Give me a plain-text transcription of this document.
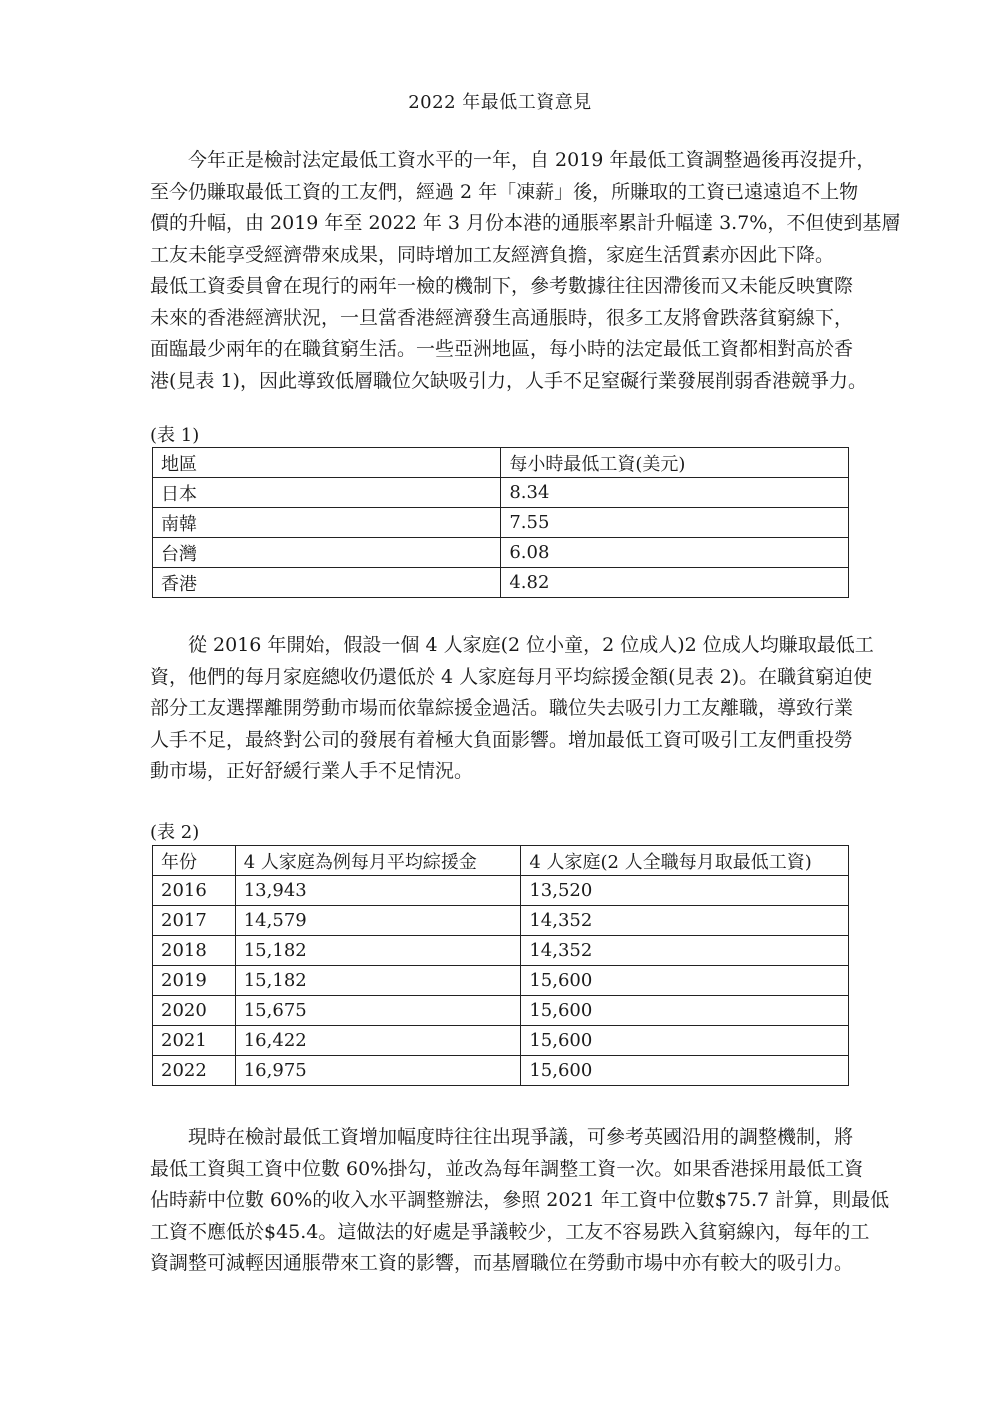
2022 年最低工資意見

　　今年正是檢討法定最低工資水平的一年，自 2019 年最低工資調整過後再沒提升，
至今仍賺取最低工資的工友們，經過 2 年「凍薪」後，所賺取的工資已遠遠追不上物
價的升幅，由 2019 年至 2022 年 3 月份本港的通脹率累計升幅達 3.7%，不但使到基層
工友未能享受經濟帶來成果，同時增加工友經濟負擔，家庭生活質素亦因此下降。
最低工資委員會在現行的兩年一檢的機制下，參考數據往往因滯後而又未能反映實際
未來的香港經濟狀況，一旦當香港經濟發生高通脹時，很多工友將會跌落貧窮線下，
面臨最少兩年的在職貧窮生活。一些亞洲地區，每小時的法定最低工資都相對高於香
港(見表 1)，因此導致低層職位欠缺吸引力，人手不足窒礙行業發展削弱香港競爭力。

(表 1)
地區	每小時最低工資(美元)
日本	8.34
南韓	7.55
台灣	6.08
香港	4.82

　　從 2016 年開始，假設一個 4 人家庭(2 位小童，2 位成人)2 位成人均賺取最低工
資，他們的每月家庭總收仍還低於 4 人家庭每月平均綜援金額(見表 2)。在職貧窮迫使
部分工友選擇離開勞動市場而依靠綜援金過活。職位失去吸引力工友離職，導致行業
人手不足，最終對公司的發展有着極大負面影響。增加最低工資可吸引工友們重投勞
動市場，正好舒緩行業人手不足情況。

(表 2)
年份	4 人家庭為例每月平均綜援金	4 人家庭(2 人全職每月取最低工資)
2016	13,943	13,520
2017	14,579	14,352
2018	15,182	14,352
2019	15,182	15,600
2020	15,675	15,600
2021	16,422	15,600
2022	16,975	15,600

　　現時在檢討最低工資增加幅度時往往出現爭議，可參考英國沿用的調整機制，將
最低工資與工資中位數 60%掛勾，並改為每年調整工資一次。如果香港採用最低工資
佔時薪中位數 60%的收入水平調整辦法，參照 2021 年工資中位數$75.7 計算，則最低
工資不應低於$45.4。這做法的好處是爭議較少，工友不容易跌入貧窮線內，每年的工
資調整可減輕因通脹帶來工資的影響，而基層職位在勞動市場中亦有較大的吸引力。
